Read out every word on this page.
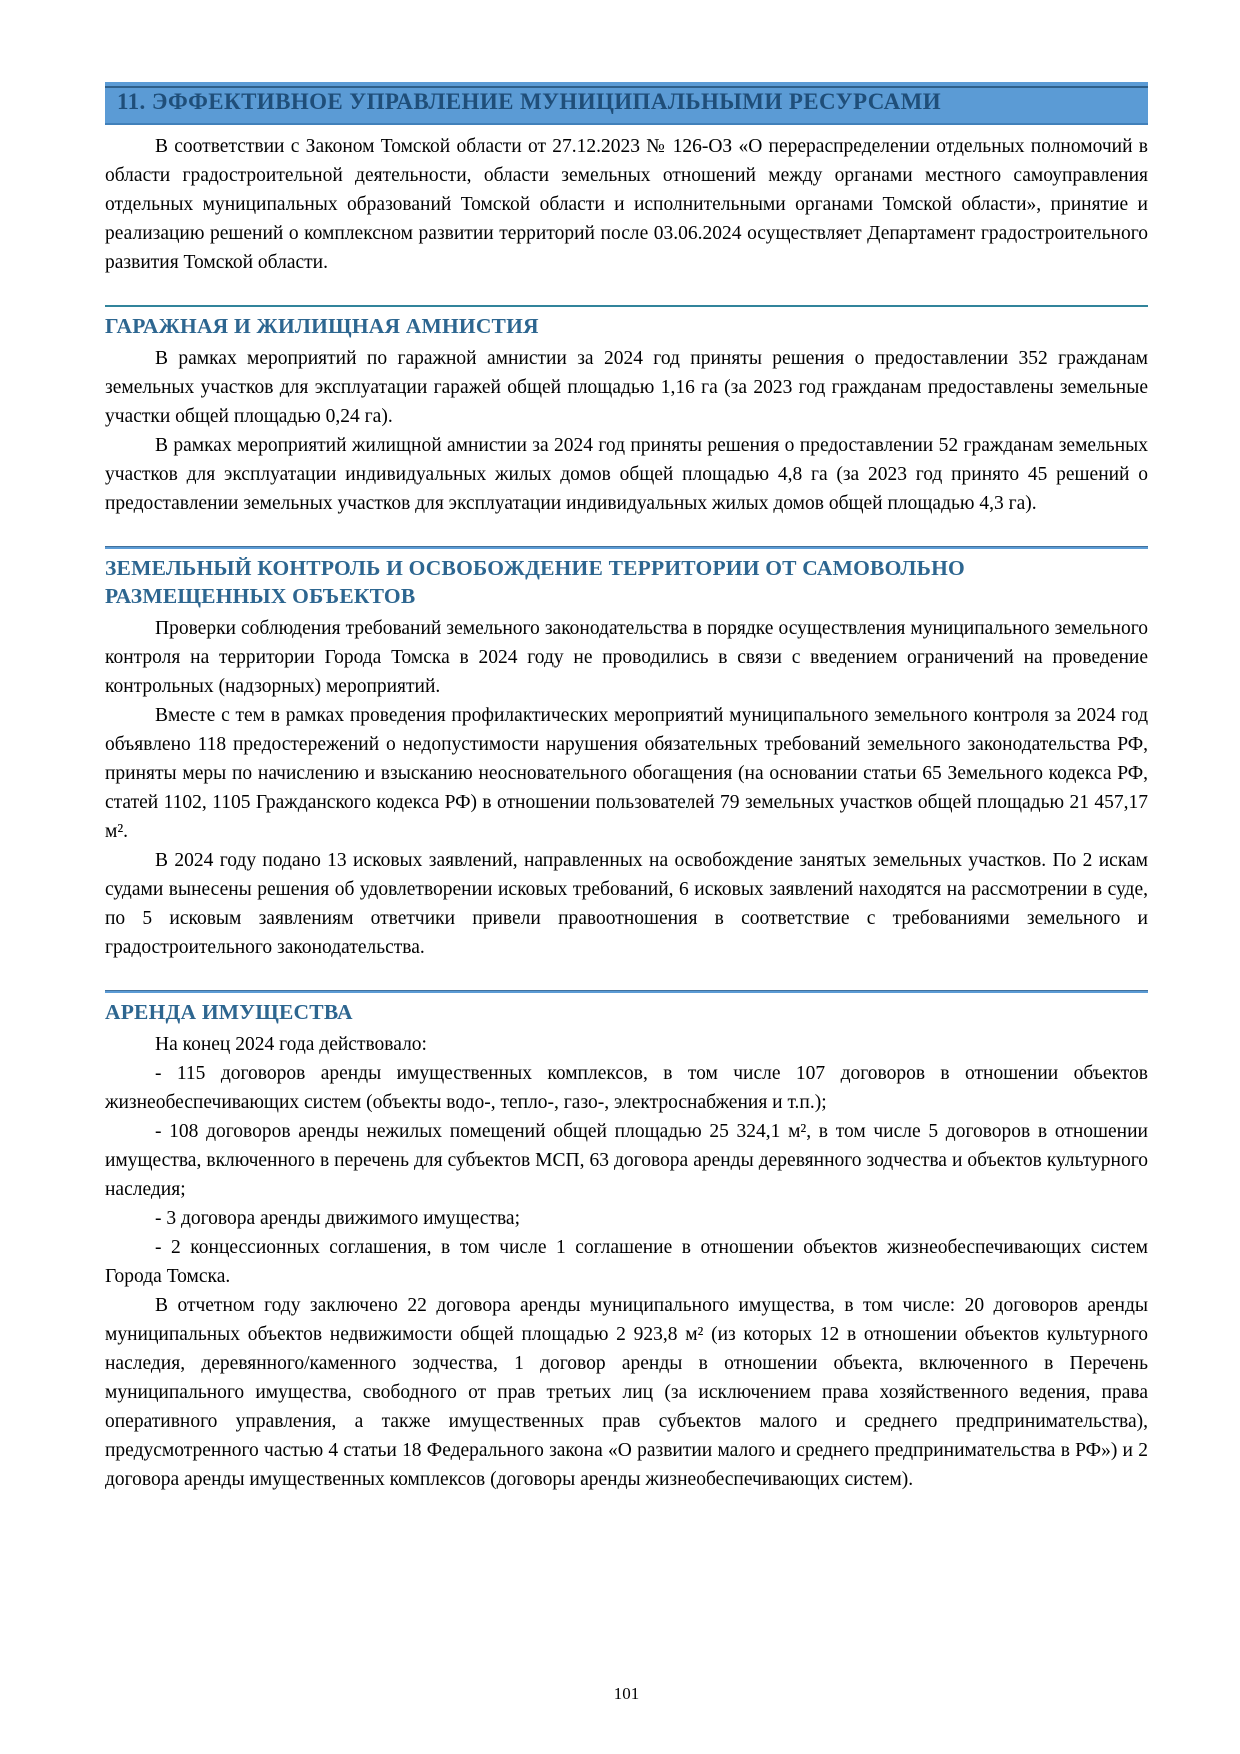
11. ЭФФЕКТИВНОЕ УПРАВЛЕНИЕ МУНИЦИПАЛЬНЫМИ РЕСУРСАМИ

В соответствии с Законом Томской области от 27.12.2023 № 126-ОЗ «О перераспределении отдельных полномочий в области градостроительной деятельности, области земельных отношений между органами местного самоуправления отдельных муниципальных образований Томской области и исполнительными органами Томской области», принятие и реализацию решений о комплексном развитии территорий после 03.06.2024 осуществляет Департамент градостроительного развития Томской области.

ГАРАЖНАЯ И ЖИЛИЩНАЯ АМНИСТИЯ

В рамках мероприятий по гаражной амнистии за 2024 год приняты решения о предоставлении 352 гражданам земельных участков для эксплуатации гаражей общей площадью 1,16 га (за 2023 год гражданам предоставлены земельные участки общей площадью 0,24 га).

В рамках мероприятий жилищной амнистии за 2024 год приняты решения о предоставлении 52 гражданам земельных участков для эксплуатации индивидуальных жилых домов общей площадью 4,8 га (за 2023 год принято 45 решений о предоставлении земельных участков для эксплуатации индивидуальных жилых домов общей площадью 4,3 га).

ЗЕМЕЛЬНЫЙ КОНТРОЛЬ И ОСВОБОЖДЕНИЕ ТЕРРИТОРИИ ОТ САМОВОЛЬНО РАЗМЕЩЕННЫХ ОБЪЕКТОВ

Проверки соблюдения требований земельного законодательства в порядке осуществления муниципального земельного контроля на территории Города Томска в 2024 году не проводились в связи с введением ограничений на проведение контрольных (надзорных) мероприятий.

Вместе с тем в рамках проведения профилактических мероприятий муниципального земельного контроля за 2024 год объявлено 118 предостережений о недопустимости нарушения обязательных требований земельного законодательства РФ, приняты меры по начислению и взысканию неосновательного обогащения (на основании статьи 65 Земельного кодекса РФ, статей 1102, 1105 Гражданского кодекса РФ) в отношении пользователей 79 земельных участков общей площадью 21 457,17 м².

В 2024 году подано 13 исковых заявлений, направленных на освобождение занятых земельных участков. По 2 искам судами вынесены решения об удовлетворении исковых требований, 6 исковых заявлений находятся на рассмотрении в суде, по 5 исковым заявлениям ответчики привели правоотношения в соответствие с требованиями земельного и градостроительного законодательства.

АРЕНДА ИМУЩЕСТВА

На конец 2024 года действовало:

- 115 договоров аренды имущественных комплексов, в том числе 107 договоров в отношении объектов жизнеобеспечивающих систем (объекты водо-, тепло-, газо-, электроснабжения и т.п.);

- 108 договоров аренды нежилых помещений общей площадью 25 324,1 м², в том числе 5 договоров в отношении имущества, включенного в перечень для субъектов МСП, 63 договора аренды деревянного зодчества и объектов культурного наследия;

- 3 договора аренды движимого имущества;

- 2 концессионных соглашения, в том числе 1 соглашение в отношении объектов жизнеобеспечивающих систем Города Томска.

В отчетном году заключено 22 договора аренды муниципального имущества, в том числе: 20 договоров аренды муниципальных объектов недвижимости общей площадью 2 923,8 м² (из которых 12 в отношении объектов культурного наследия, деревянного/каменного зодчества, 1 договор аренды в отношении объекта, включенного в Перечень муниципального имущества, свободного от прав третьих лиц (за исключением права хозяйственного ведения, права оперативного управления, а также имущественных прав субъектов малого и среднего предпринимательства), предусмотренного частью 4 статьи 18 Федерального закона «О развитии малого и среднего предпринимательства в РФ») и 2 договора аренды имущественных комплексов (договоры аренды жизнеобеспечивающих систем).

101
